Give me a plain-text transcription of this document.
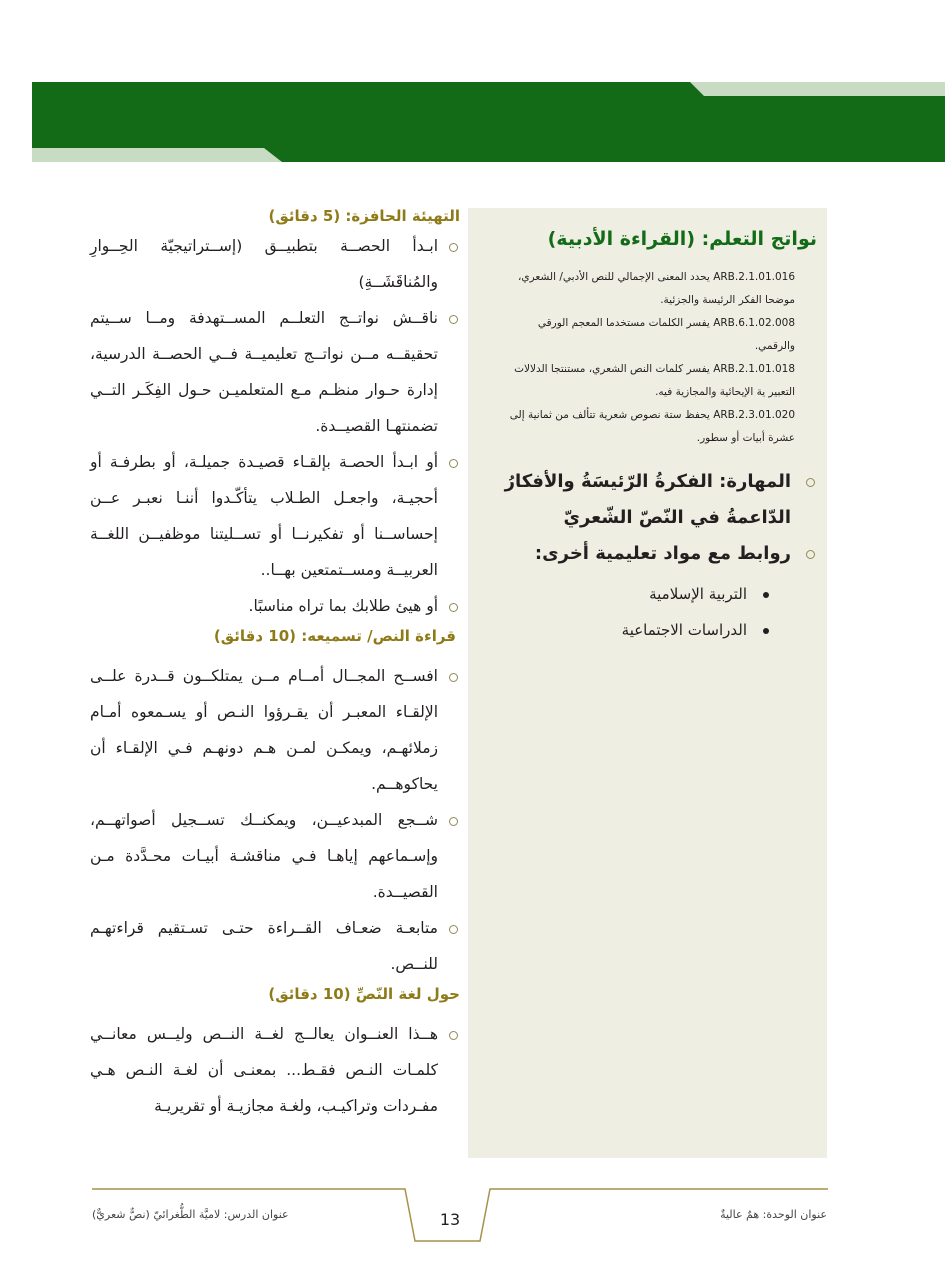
نواتج التعلم: (القراءة الأدبية)
ARB.2.1.01.016 يحدد المعنى الإجمالي للنص الأدبي/ الشعري، موضحا الفكر الرئيسة والجزئية.
ARB.6.1.02.008 يفسر الكلمات مستخدما المعجم الورقي والرقمي.
ARB.2.1.01.018 يفسر كلمات النص الشعري، مستنتجا الدلالات التعبير ية الإيحائية والمجازية فيه.
ARB.2.3.01.020 يحفظ ستة نصوص شعرية تتألف من ثمانية إلى عشرة أبيات أو سطور.
المهارة: الفكرةُ الرّئيسَةُ والأفكارُ الدّاعمةُ في النّصّ الشّعريّ
روابط مع مواد تعليمية أخرى:
التربية الإسلامية
الدراسات الاجتماعية
التهيئة الحافزة: (5 دقائق)
ابـدأ الحصــة بتطبيــق (إســتراتيجيّة الحِــوارِ والمُناقَشَــةِ)
ناقــش نواتــج التعلــم المســتهدفة ومــا ســيتم تحقيقــه مــن نواتــج تعليميــة فــي الحصــة الدرسية، إدارة حـوار منظـم مـع المتعلميـن حـول الفِكَـر التــي تضمنتهـا القصيــدة.
أو ابـدأ الحصـة بإلقـاء قصيـدة جميلـة، أو بطرفـة أو أحجيـة، واجعـل الطـلاب يتأكّـدوا أننـا نعبـر عــن إحساســنا أو تفكيرنــا أو تســليتنا موظفيــن اللغــة العربيــة ومســتمتعين بهــا..
أو هيئ طلابك بما تراه مناسبًا.
قراءة النص/ تسميعه: (10 دقائق)
افســح المجــال أمــام مــن يمتلكــون قــدرة علــى الإلقـاء المعبـر أن يقـرؤوا النـص أو يسـمعوه أمـام زملائهـم، ويمكـن لمـن هـم دونهـم فـي الإلقـاء أن يحاكوهــم.
شــجع المبدعيــن، ويمكنــك تســجيل أصواتهــم، وإسـماعهم إياهـا فـي مناقشـة أبيـات محـدَّدة مـن القصيــدة.
متابعـة ضعـاف القــراءة حتـى تسـتقيم قراءتهـم للنــص.
حول لغة النّصِّ (10 دقائق)
هــذا العنــوان يعالــج لغــة النــص وليــس معانــي كلمـات النـص فقـط... بمعنـى أن لغـة النـص هـي مفـردات وتراكيـب، ولغـة مجازيـة أو تقريريـة
عنوان الوحدة: همٌ عاليةٌ
عنوان الدرس: لاميَّة الطُّغرائيّ (نصٌّ شعريٌّ)	13
